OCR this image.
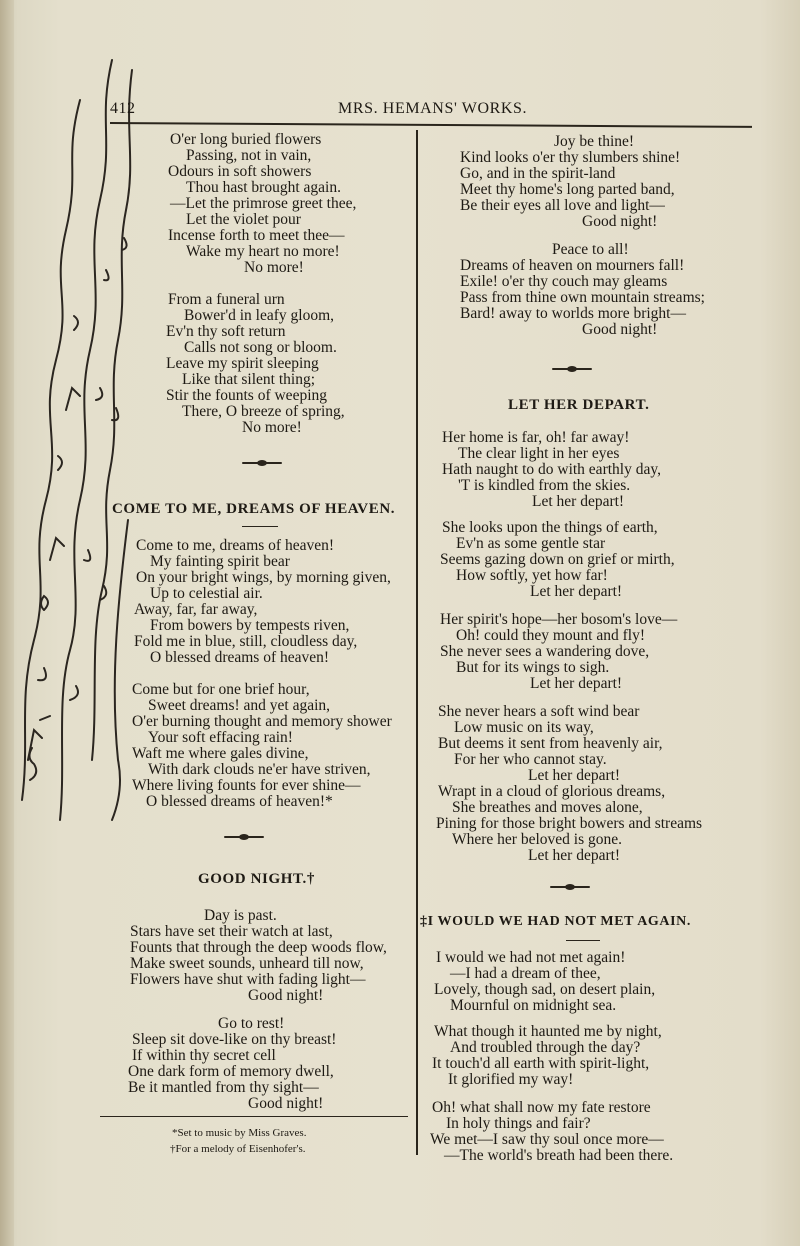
412	MRS. HEMANS' WORKS.
O'er long buried flowers
Passing, not in vain,
Odours in soft showers
Thou hast brought again.
—Let the primrose greet thee,
Let the violet pour
Incense forth to meet thee—
Wake my heart no more!
No more!
From a funeral urn
Bower'd in leafy gloom,
Ev'n thy soft return
Calls not song or bloom.
Leave my spirit sleeping
Like that silent thing;
Stir the founts of weeping
There, O breeze of spring,
No more!
COME TO ME, DREAMS OF HEAVEN.
Come to me, dreams of heaven!
My fainting spirit bear
On your bright wings, by morning given,
Up to celestial air.
Away, far, far away,
From bowers by tempests riven,
Fold me in blue, still, cloudless day,
O blessed dreams of heaven!
Come but for one brief hour,
Sweet dreams! and yet again,
O'er burning thought and memory shower
Your soft effacing rain!
Waft me where gales divine,
With dark clouds ne'er have striven,
Where living founts for ever shine—
O blessed dreams of heaven!*
GOOD NIGHT.†
Day is past.
Stars have set their watch at last,
Founts that through the deep woods flow,
Make sweet sounds, unheard till now,
Flowers have shut with fading light—
Good night!
Go to rest!
Sleep sit dove-like on thy breast!
If within thy secret cell
One dark form of memory dwell,
Be it mantled from thy sight—
Good night!
*Set to music by Miss Graves.
†For a melody of Eisenhofer's.
Joy be thine!
Kind looks o'er thy slumbers shine!
Go, and in the spirit-land
Meet thy home's long parted band,
Be their eyes all love and light—
Good night!
Peace to all!
Dreams of heaven on mourners fall!
Exile! o'er thy couch may gleams
Pass from thine own mountain streams;
Bard! away to worlds more bright—
Good night!
LET HER DEPART.
Her home is far, oh! far away!
The clear light in her eyes
Hath naught to do with earthly day,
'T is kindled from the skies.
Let her depart!
She looks upon the things of earth,
Ev'n as some gentle star
Seems gazing down on grief or mirth,
How softly, yet how far!
Let her depart!
Her spirit's hope—her bosom's love—
Oh! could they mount and fly!
She never sees a wandering dove,
But for its wings to sigh.
Let her depart!
She never hears a soft wind bear
Low music on its way,
But deems it sent from heavenly air,
For her who cannot stay.
Let her depart!
Wrapt in a cloud of glorious dreams,
She breathes and moves alone,
Pining for those bright bowers and streams
Where her beloved is gone.
Let her depart!
‡I WOULD WE HAD NOT MET AGAIN.
I would we had not met again!
—I had a dream of thee,
Lovely, though sad, on desert plain,
Mournful on midnight sea.
What though it haunted me by night,
And troubled through the day?
It touch'd all earth with spirit-light,
It glorified my way!
Oh! what shall now my fate restore
In holy things and fair?
We met—I saw thy soul once more—
—The world's breath had been there.
